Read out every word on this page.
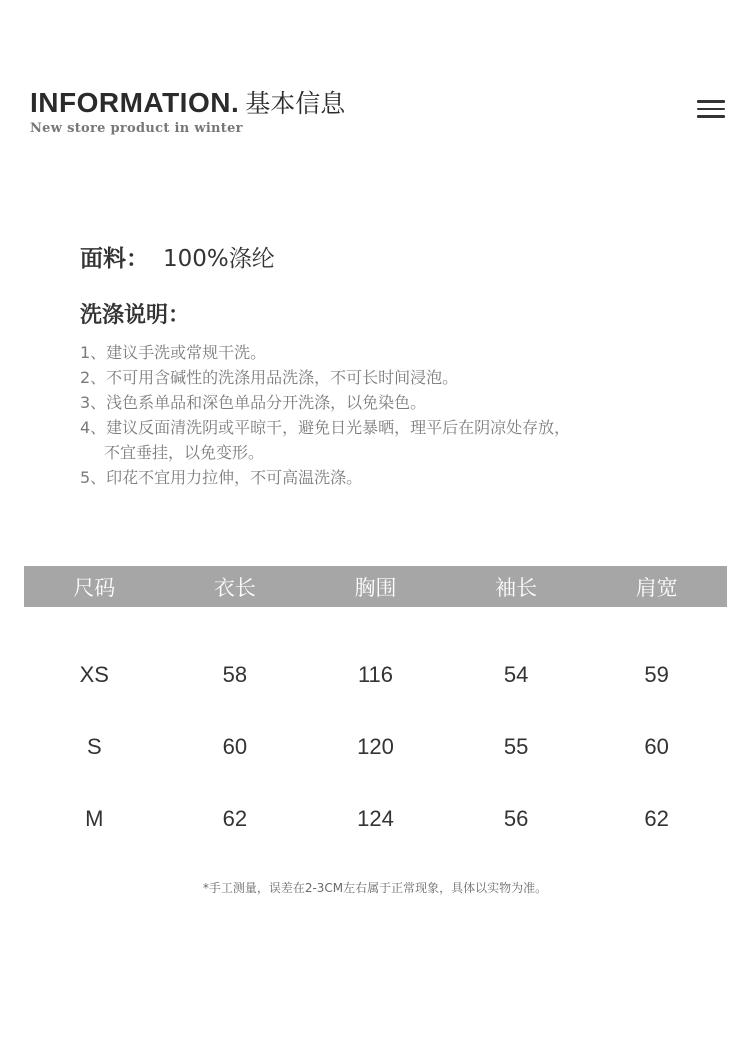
INFORMATION. 基本信息
New store product in winter
面料： 100%涤纶
洗涤说明：
1、建议手洗或常规干洗。
2、不可用含碱性的洗涤用品洗涤，不可长时间浸泡。
3、浅色系单品和深色单品分开洗涤，以免染色。
4、建议反面清洗阴或平晾干，避免日光暴晒，理平后在阴凉处存放，
不宜垂挂，以免变形。
5、印花不宜用力拉伸，不可高温洗涤。
尺码	衣长	胸围	袖长	肩宽
XS	58	116	54	59
S	60	120	55	60
M	62	124	56	62
*手工测量，误差在2-3CM左右属于正常现象，具体以实物为准。
